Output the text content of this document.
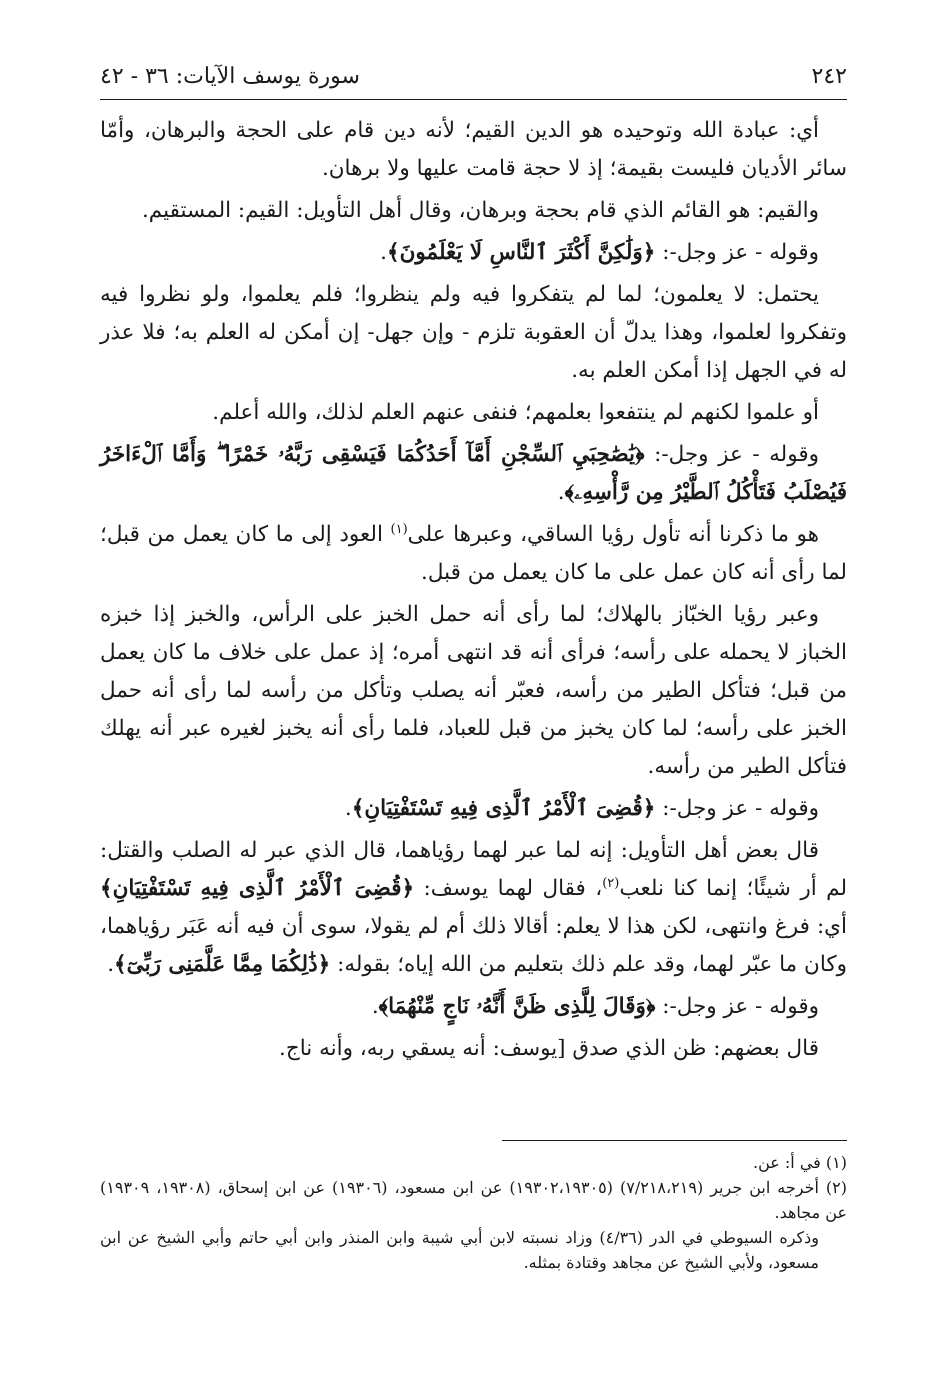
٢٤٢
سورة يوسف الآيات: ٣٦ - ٤٢

أي: عبادة الله وتوحيده هو الدين القيم؛ لأنه دين قام على الحجة والبرهان، وأمّا سائر الأديان فليست بقيمة؛ إذ لا حجة قامت عليها ولا برهان.

والقيم: هو القائم الذي قام بحجة وبرهان، وقال أهل التأويل: القيم: المستقيم.

وقوله - عز وجل-: ﴿وَلَٰكِنَّ أَكْثَرَ ٱلنَّاسِ لَا يَعْلَمُونَ﴾.

يحتمل: لا يعلمون؛ لما لم يتفكروا فيه ولم ينظروا؛ فلم يعلموا، ولو نظروا فيه وتفكروا لعلموا، وهذا يدلّ أن العقوبة تلزم - وإن جهل- إن أمكن له العلم به؛ فلا عذر له في الجهل إذا أمكن العلم به.

أو علموا لكنهم لم ينتفعوا بعلمهم؛ فنفى عنهم العلم لذلك، والله أعلم.

وقوله - عز وجل-: ﴿يَٰصَٰحِبَيِ ٱلسِّجْنِ أَمَّآ أَحَدُكُمَا فَيَسْقِى رَبَّهُۥ خَمْرًا ۖ وَأَمَّا ٱلْءَاخَرُ فَيُصْلَبُ فَتَأْكُلُ ٱلطَّيْرُ مِن رَّأْسِهِۦ﴾.

هو ما ذكرنا أنه تأول رؤيا الساقي، وعبرها على$^{(١)}$ العود إلى ما كان يعمل من قبل؛ لما رأى أنه كان عمل على ما كان يعمل من قبل.

وعبر رؤيا الخبّاز بالهلاك؛ لما رأى أنه حمل الخبز على الرأس، والخبز إذا خبزه الخباز لا يحمله على رأسه؛ فرأى أنه قد انتهى أمره؛ إذ عمل على خلاف ما كان يعمل من قبل؛ فتأكل الطير من رأسه، فعبّر أنه يصلب وتأكل من رأسه لما رأى أنه حمل الخبز على رأسه؛ لما كان يخبز من قبل للعباد، فلما رأى أنه يخبز لغيره عبر أنه يهلك فتأكل الطير من رأسه.

وقوله - عز وجل-: ﴿قُضِىَ ٱلْأَمْرُ ٱلَّذِى فِيهِ تَسْتَفْتِيَانِ﴾.

قال بعض أهل التأويل: إنه لما عبر لهما رؤياهما، قال الذي عبر له الصلب والقتل: لم أر شيئًا؛ إنما كنا نلعب$^{(٢)}$، فقال لهما يوسف: ﴿قُضِىَ ٱلْأَمْرُ ٱلَّذِى فِيهِ تَسْتَفْتِيَانِ﴾ أي: فرغ وانتهى، لكن هذا لا يعلم: أقالا ذلك أم لم يقولا، سوى أن فيه أنه عَبَر رؤياهما، وكان ما عبّر لهما، وقد علم ذلك بتعليم من الله إياه؛ بقوله: ﴿ذَٰلِكُمَا مِمَّا عَلَّمَنِى رَبِّىٓ﴾.

وقوله - عز وجل-: ﴿وَقَالَ لِلَّذِى ظَنَّ أَنَّهُۥ نَاجٍ مِّنْهُمَا﴾.

قال بعضهم: ظن الذي صدق [يوسف: أنه يسقي ربه، وأنه ناج.

(١) في أ: عن.

(٢) أخرجه ابن جرير (٧/٢١٨،٢١٩) (١٩٣٠٢،١٩٣٠٥) عن ابن مسعود، (١٩٣٠٦) عن ابن إسحاق، (١٩٣٠٨، ١٩٣٠٩) عن مجاهد.

وذكره السيوطي في الدر (٤/٣٦) وزاد نسبته لابن أبي شيبة وابن المنذر وابن أبي حاتم وأبي الشيخ عن ابن مسعود، ولأبي الشيخ عن مجاهد وقتادة بمثله.
